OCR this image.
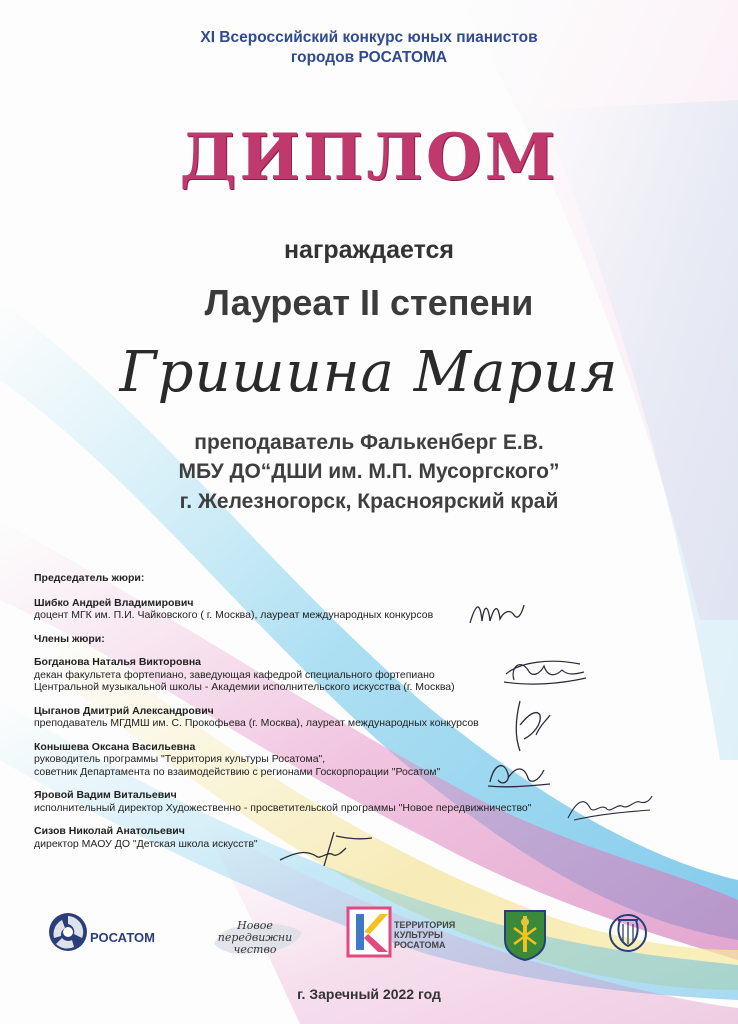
XI Всероссийский конкурс юных пианистов
городов РОСАТОМА
ДИПЛОМ
награждается
Лауреат II степени
Гришина Мария
преподаватель Фалькенберг Е.В.
МБУ ДО“ДШИ им. М.П. Мусоргского”
г. Железногорск, Красноярский край
Председатель жюри:
Шибко Андрей Владимирович
доцент МГК им. П.И. Чайковского ( г. Москва), лауреат международных конкурсов
Члены жюри:
Богданова Наталья Викторовна
декан факультета фортепиано, заведующая кафедрой специального фортепиано
Центральной музыкальной школы - Академии исполнительского искусства (г. Москва)
Цыганов Дмитрий Александрович
преподаватель МГДМШ им. С. Прокофьева (г. Москва), лауреат международных конкурсов
Конышева Оксана Васильевна
руководитель программы "Территория культуры Росатома",
советник Департамента по взаимодействию с регионами Госкорпорации "Росатом"
Яровой Вадим Витальевич
исполнительный директор Художественно - просветительской программы "Новое передвижничество"
Сизов Николай Анатольевич
директор МАОУ ДО "Детская школа искусств"
РОСАТОМ
Новое
передвижни
чество
ТЕРРИТОРИЯ
КУЛЬТУРЫ
РОСАТОМА
г. Заречный 2022 год
